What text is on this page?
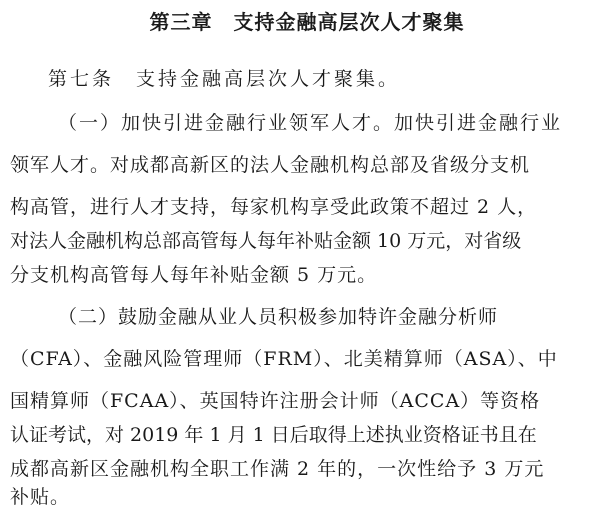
第三章　支持金融高层次人才聚集
第七条　支持金融高层次人才聚集。
（一）加快引进金融行业领军人才。加快引进金融行业
领军人才。对成都高新区的法人金融机构总部及省级分支机
构高管，进行人才支持，每家机构享受此政策不超过 2 人，
对法人金融机构总部高管每人每年补贴金额 10 万元，对省级
分支机构高管每人每年补贴金额 5 万元。
（二）鼓励金融从业人员积极参加特许金融分析师
（CFA）、金融风险管理师（FRM）、北美精算师（ASA）、中
国精算师（FCAA）、英国特许注册会计师（ACCA）等资格
认证考试，对 2019 年 1 月 1 日后取得上述执业资格证书且在
成都高新区金融机构全职工作满 2 年的，一次性给予 3 万元
补贴。
